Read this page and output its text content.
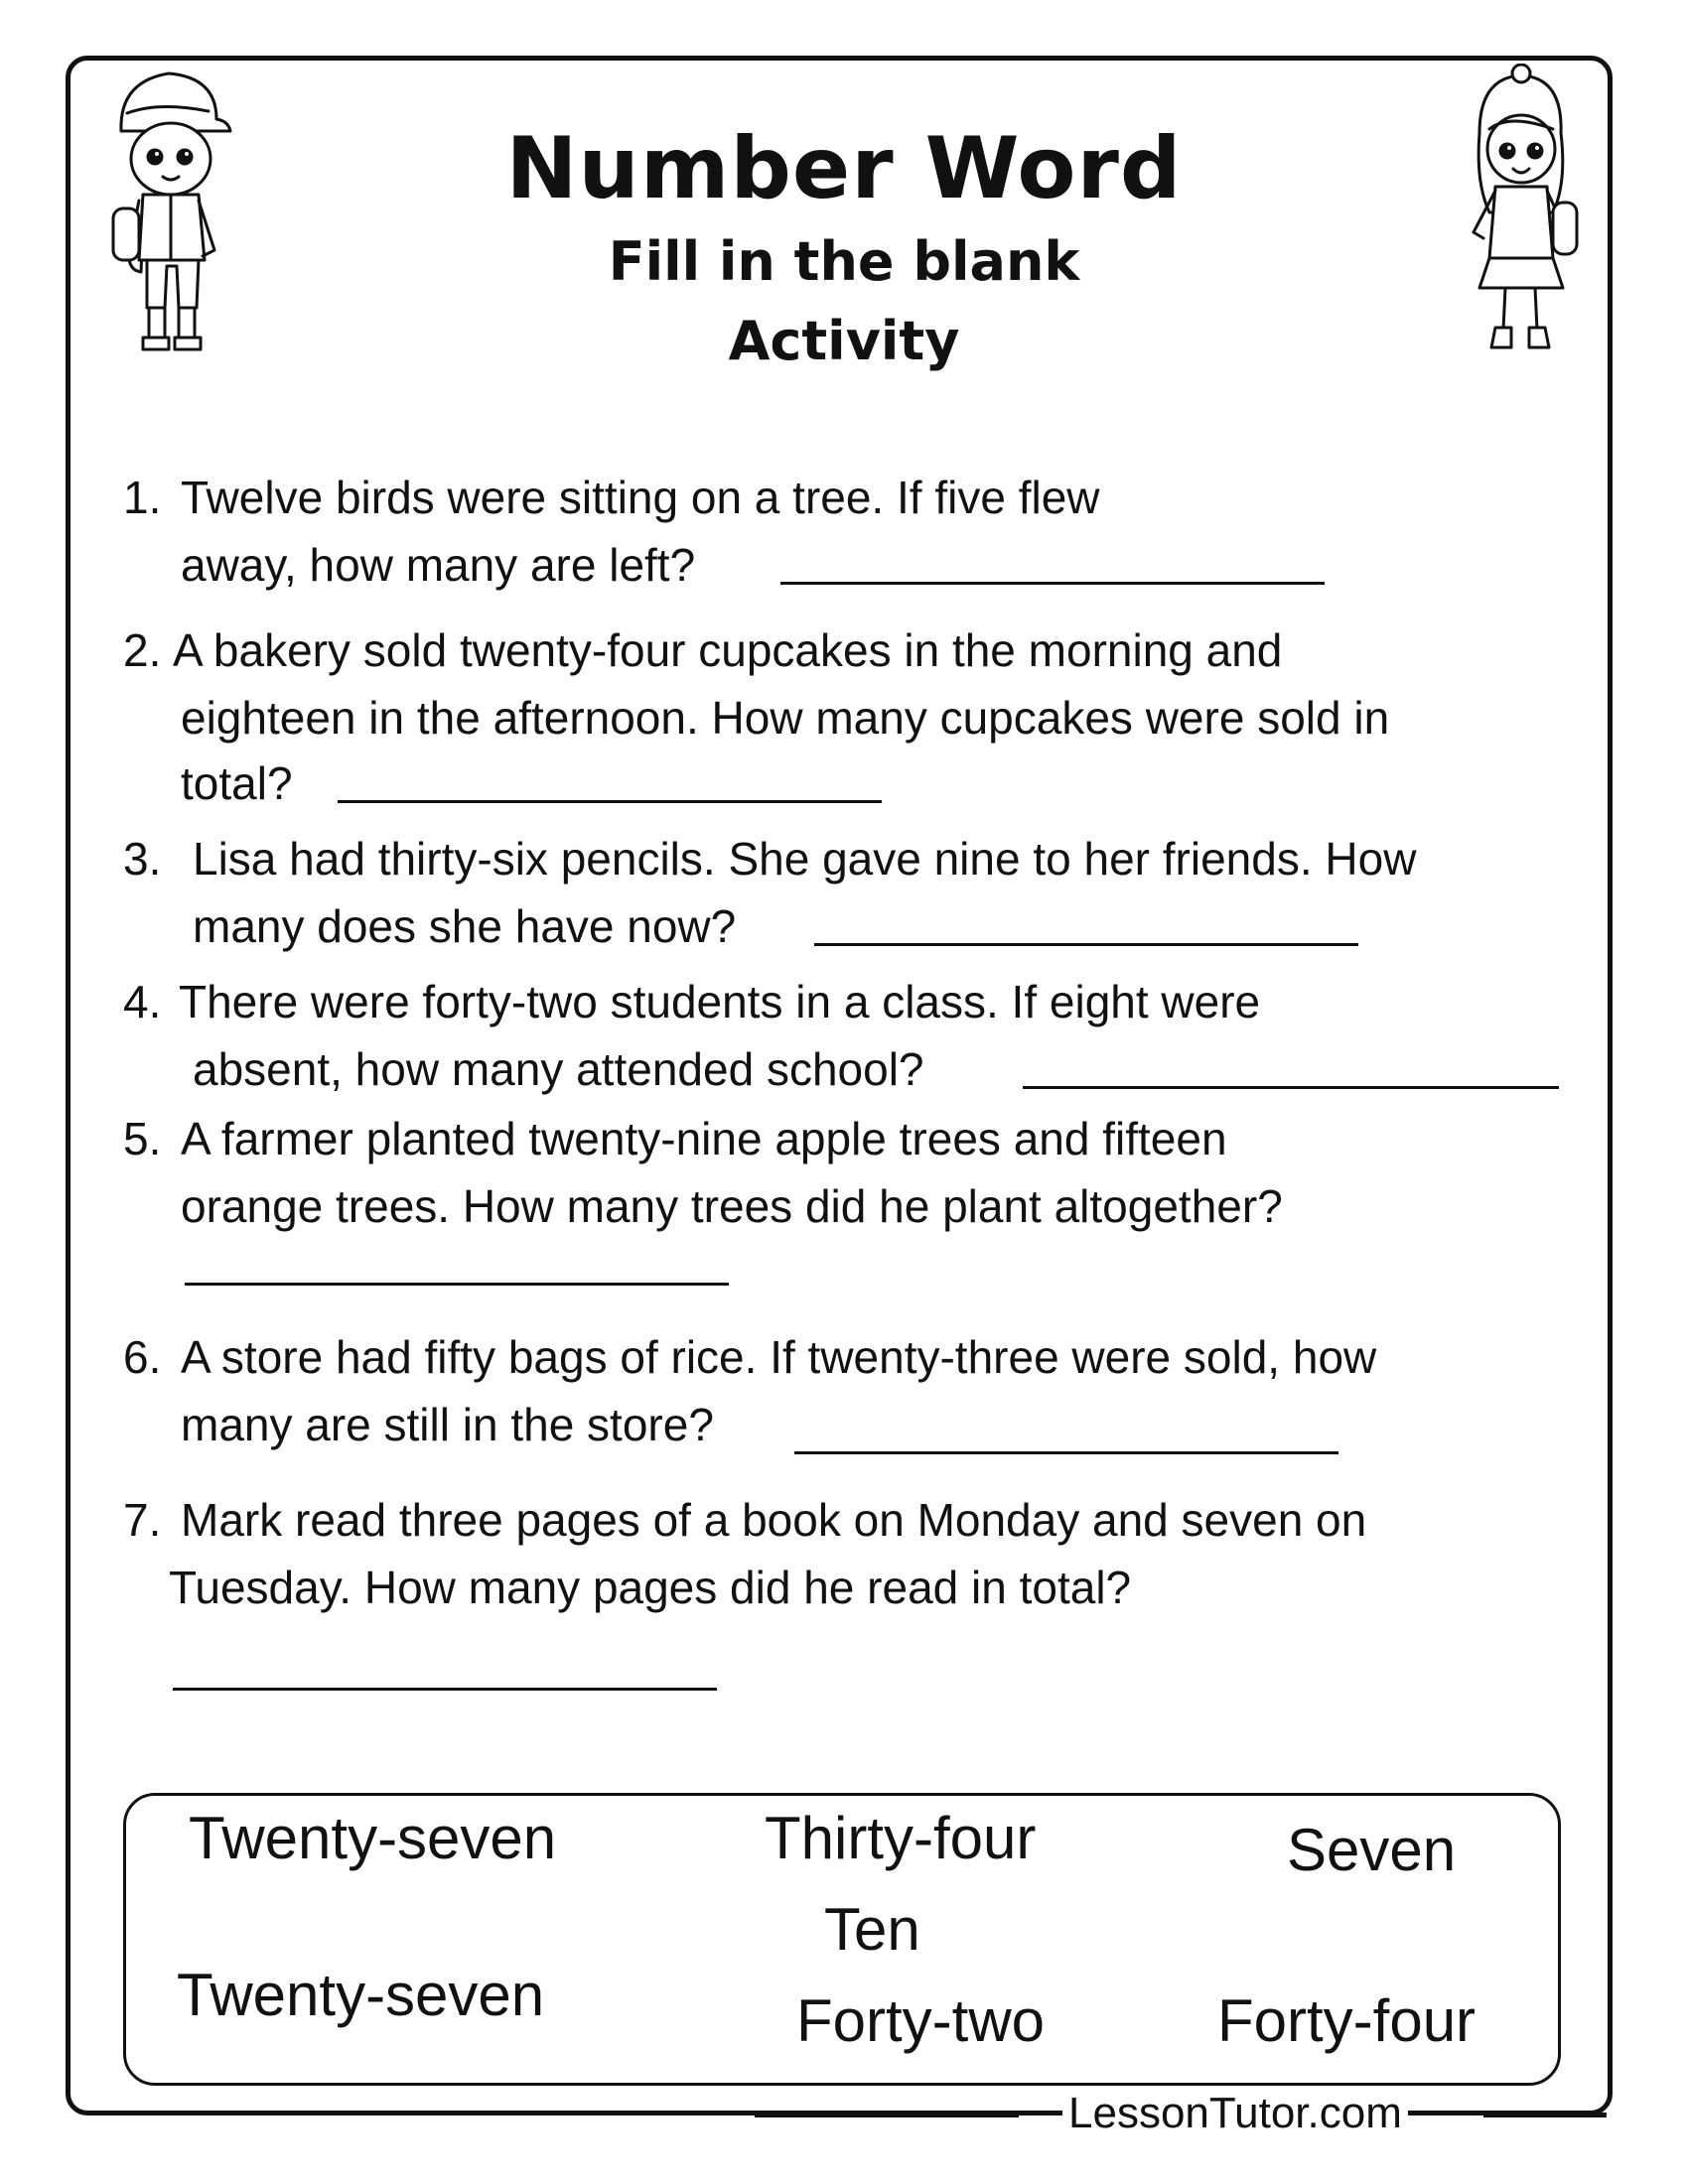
Number Word
Fill in the blank
Activity
1. Twelve birds were sitting on a tree. If five flew
away, how many are left?
2. A bakery sold twenty-four cupcakes in the morning and
eighteen in the afternoon. How many cupcakes were sold in
total?
3. Lisa had thirty-six pencils. She gave nine to her friends. How
many does she have now?
4. There were forty-two students in a class. If eight were
absent, how many attended school?
5. A farmer planted twenty-nine apple trees and fifteen
orange trees. How many trees did he plant altogether?
6. A store had fifty bags of rice. If twenty-three were sold, how
many are still in the store?
7. Mark read three pages of a book on Monday and seven on
Tuesday. How many pages did he read in total?
Twenty-seven	Thirty-four	Seven
Ten
Twenty-seven	Forty-two	Forty-four
LessonTutor.com
